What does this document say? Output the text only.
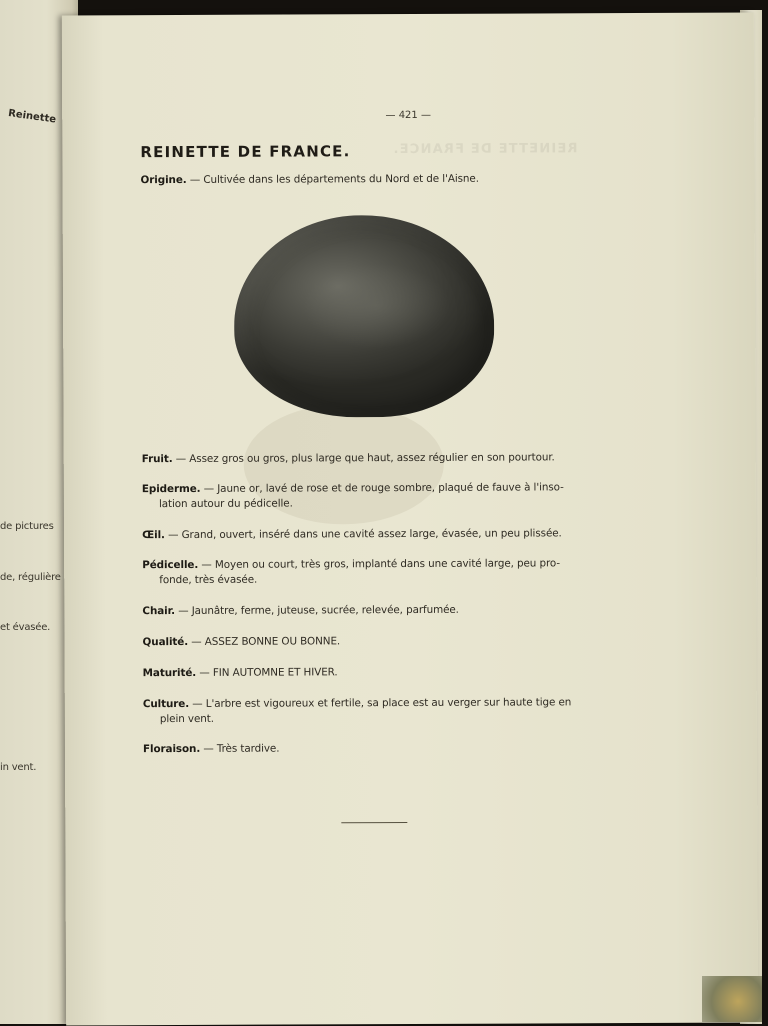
Reinette
de pictures
de, régulière
et évasée.
in vent.
REINETTE DE FRANCE.
— 421 —
REINETTE DE FRANCE.
Origine. — Cultivée dans les départements du Nord et de l'Aisne.
Fruit. — Assez gros ou gros, plus large que haut, assez régulier en son pourtour.
Epiderme. — Jaune or, lavé de rose et de rouge sombre, plaqué de fauve à l'inso-
lation autour du pédicelle.
Œil. — Grand, ouvert, inséré dans une cavité assez large, évasée, un peu plissée.
Pédicelle. — Moyen ou court, très gros, implanté dans une cavité large, peu pro-
fonde, très évasée.
Chair. — Jaunâtre, ferme, juteuse, sucrée, relevée, parfumée.
Qualité. — ASSEZ BONNE OU BONNE.
Maturité. — FIN AUTOMNE ET HIVER.
Culture. — L'arbre est vigoureux et fertile, sa place est au verger sur haute tige en
plein vent.
Floraison. — Très tardive.
